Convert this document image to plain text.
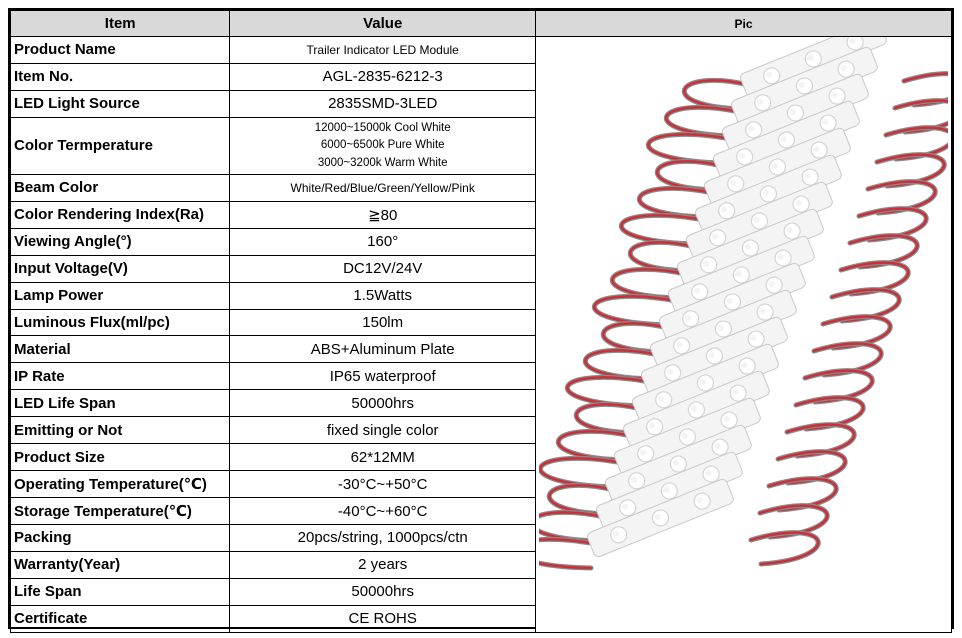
Item	Value	Pic
Product Name	Trailer Indicator LED Module	

Item No.	AGL-2835-6212-3	
LED Light Source	2835SMD-3LED	
Color Termperature	12000~15000k Cool White
6000~6500k Pure White
3000~3200k Warm White	

Beam Color	White/Red/Blue/Green/Yellow/Pink	
Color Rendering Index(Ra)	≧80	
Viewing Angle(°)	160°	
Input Voltage(V)	DC12V/24V	
Lamp Power	1.5Watts	
Luminous Flux(ml/pc)	150lm	
Material	ABS+Aluminum Plate	
IP Rate	IP65 waterproof	
LED Life Span	50000hrs	
Emitting or Not	fixed single color	
Product Size	62*12MM	
Operating Temperature(℃)	-30°C~+50°C	
Storage Temperature(℃)	-40°C~+60°C	
Packing	20pcs/string, 1000pcs/ctn	
Warranty(Year)	2 years	
Life Span	50000hrs	
Certificate	CE ROHS	
